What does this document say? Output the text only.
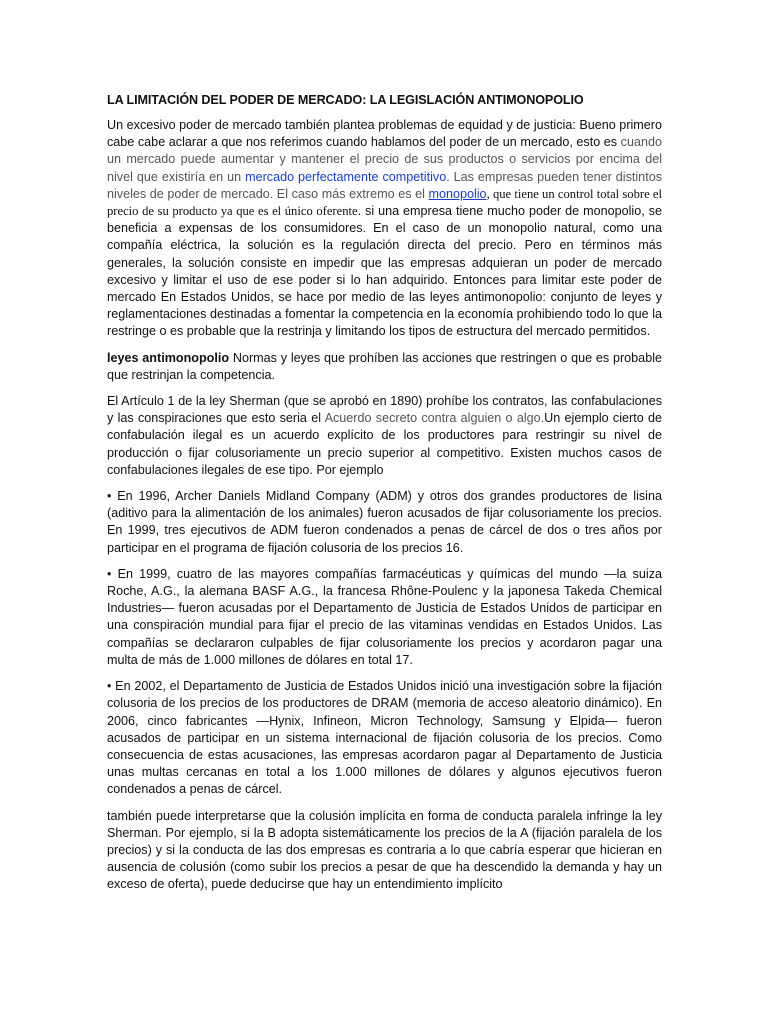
LA LIMITACIÓN DEL PODER DE MERCADO: LA LEGISLACIÓN ANTIMONOPOLIO

Un excesivo poder de mercado también plantea problemas de equidad y de justicia: Bueno primero cabe cabe aclarar a que nos referimos cuando hablamos del poder de un mercado, esto es cuando un mercado puede aumentar y mantener el precio de sus productos o servicios por encima del nivel que existiría en un mercado perfectamente competitivo. Las empresas pueden tener distintos niveles de poder de mercado. El caso más extremo es el monopolio, que tiene un control total sobre el precio de su producto ya que es el único oferente. si una empresa tiene mucho poder de monopolio, se beneficia a expensas de los consumidores. En el caso de un monopolio natural, como una compañía eléctrica, la solución es la regulación directa del precio. Pero en términos más generales, la solución consiste en impedir que las empresas adquieran un poder de mercado excesivo y limitar el uso de ese poder si lo han adquirido. Entonces para limitar este poder de mercado En Estados Unidos, se hace por medio de las leyes antimonopolio: conjunto de leyes y reglamentaciones destinadas a fomentar la competencia en la economía prohibiendo todo lo que la restringe o es probable que la restrinja y limitando los tipos de estructura del mercado permitidos.

leyes antimonopolio Normas y leyes que prohíben las acciones que restringen o que es probable que restrinjan la competencia.

El Artículo 1 de la ley Sherman (que se aprobó en 1890) prohíbe los contratos, las confabulaciones y las conspiraciones que esto seria el Acuerdo secreto contra alguien o algo.Un ejemplo cierto de confabulación ilegal es un acuerdo explícito de los productores para restringir su nivel de producción o fijar colusoriamente un precio superior al competitivo. Existen muchos casos de confabulaciones ilegales de ese tipo. Por ejemplo

• En 1996, Archer Daniels Midland Company (ADM) y otros dos grandes productores de lisina (aditivo para la alimentación de los animales) fueron acusados de fijar colusoriamente los precios. En 1999, tres ejecutivos de ADM fueron condenados a penas de cárcel de dos o tres años por participar en el programa de fijación colusoria de los precios 16.

• En 1999, cuatro de las mayores compañías farmacéuticas y químicas del mundo —la suiza Roche, A.G., la alemana BASF A.G., la francesa Rhône-Poulenc y la japonesa Takeda Chemical Industries— fueron acusadas por el Departamento de Justicia de Estados Unidos de participar en una conspiración mundial para fijar el precio de las vitaminas vendidas en Estados Unidos. Las compañías se declararon culpables de fijar colusoriamente los precios y acordaron pagar una multa de más de 1.000 millones de dólares en total 17.

• En 2002, el Departamento de Justicia de Estados Unidos inició una investigación sobre la fijación colusoria de los precios de los productores de DRAM (memoria de acceso aleatorio dinámico). En 2006, cinco fabricantes —Hynix, Infineon, Micron Technology, Samsung y Elpida— fueron acusados de participar en un sistema internacional de fijación colusoria de los precios. Como consecuencia de estas acusaciones, las empresas acordaron pagar al Departamento de Justicia unas multas cercanas en total a los 1.000 millones de dólares y algunos ejecutivos fueron condenados a penas de cárcel.

también puede interpretarse que la colusión implícita en forma de conducta paralela infringe la ley Sherman. Por ejemplo, si la B adopta sistemáticamente los precios de la A (fijación paralela de los precios) y si la conducta de las dos empresas es contraria a lo que cabría esperar que hicieran en ausencia de colusión (como subir los precios a pesar de que ha descendido la demanda y hay un exceso de oferta), puede deducirse que hay un entendimiento implícito
